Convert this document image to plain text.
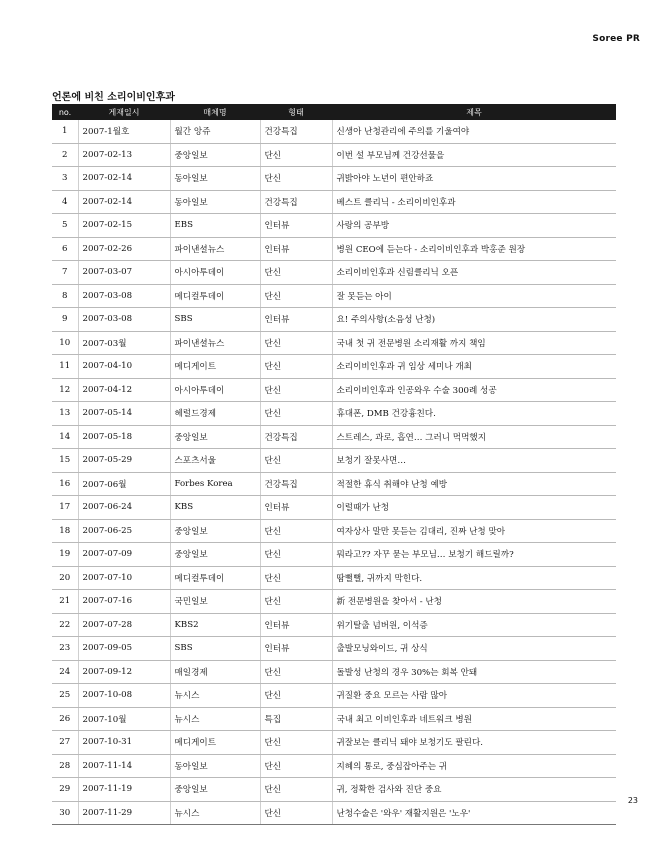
Soree PR
언론에 비친 소리이비인후과
no.	게재일시	매체명	형태	제목
1	2007-1월호	월간 앙쥬	건강특집	신생아 난청관리에 주의를 기울여야
2	2007-02-13	중앙일보	단신	이번 설 부모님께 건강선물을
3	2007-02-14	동아일보	단신	귀밝아야 노년이 편안하죠
4	2007-02-14	동아일보	건강특집	베스트 클리닉 - 소리이비인후과
5	2007-02-15	EBS	인터뷰	사랑의 공부방
6	2007-02-26	파이낸셜뉴스	인터뷰	병원 CEO에 듣는다 - 소리이비인후과 박홍준 원장
7	2007-03-07	아시아투데이	단신	소리이비인후과 신림클리닉 오픈
8	2007-03-08	메디컬투데이	단신	잘 못듣는 아이
9	2007-03-08	SBS	인터뷰	요! 주의사항(소음성 난청)
10	2007-03월	파이낸셜뉴스	단신	국내 첫 귀 전문병원 소리재활 까지 책임
11	2007-04-10	메디게이트	단신	소리이비인후과 귀 임상 세미나 개최
12	2007-04-12	아시아투데이	단신	소리이비인후과 인공와우 수술 300례 성공
13	2007-05-14	헤럴드경제	단신	휴대폰, DMB 건강흉친다.
14	2007-05-18	중앙일보	건강특집	스트레스, 과로, 흡연… 그러니 먹먹했지
15	2007-05-29	스포츠서울	단신	보청기 잘못사면…
16	2007-06월	Forbes Korea	건강특집	적절한 휴식 취해야 난청 예방
17	2007-06-24	KBS	인터뷰	이럴때가 난청
18	2007-06-25	중앙일보	단신	여자상사 말만 못듣는 김대리, 진짜 난청 맞아
19	2007-07-09	중앙일보	단신	뭐라고?? 자꾸 묻는 부모님… 보청기 해드릴까?
20	2007-07-10	메디컬투데이	단신	땀뻘뻘, 귀까지 막힌다.
21	2007-07-16	국민일보	단신	新 전문병원을 찾아서 - 난청
22	2007-07-28	KBS2	인터뷰	위기탈출 넘버원, 이석증
23	2007-09-05	SBS	인터뷰	출발모닝와이드, 귀 상식
24	2007-09-12	매일경제	단신	돌발성 난청의 경우 30%는 회복 안돼
25	2007-10-08	뉴시스	단신	귀질환 중요 모르는 사람 많아
26	2007-10월	뉴시스	특집	국내 최고 이비인후과 네트워크 병원
27	2007-10-31	메디게이트	단신	귀잘보는 클리닉 돼야 보청기도 팔린다.
28	2007-11-14	동아일보	단신	지혜의 통로, 중심잡아주는 귀
29	2007-11-19	중앙일보	단신	귀, 정확한 검사와 진단 중요
30	2007-11-29	뉴시스	단신	난청수술은 '와우' 재활지원은 '노우'
23
